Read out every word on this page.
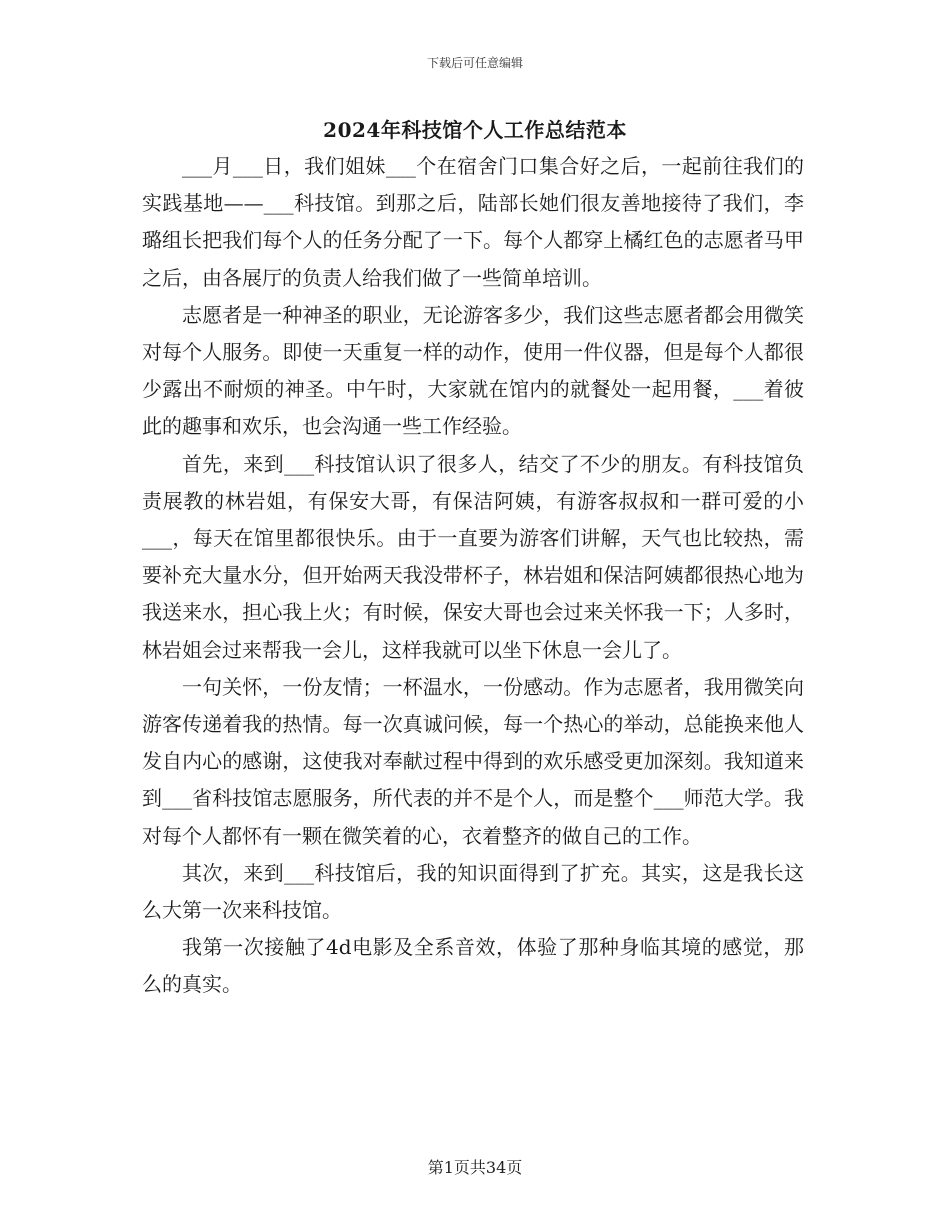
下载后可任意编辑
2024年科技馆个人工作总结范本

___月___日，我们姐妹___个在宿舍门口集合好之后，一起前往我们的实践基地——___科技馆。到那之后，陆部长她们很友善地接待了我们，李璐组长把我们每个人的任务分配了一下。每个人都穿上橘红色的志愿者马甲之后，由各展厅的负责人给我们做了一些简单培训。

志愿者是一种神圣的职业，无论游客多少，我们这些志愿者都会用微笑对每个人服务。即使一天重复一样的动作，使用一件仪器，但是每个人都很少露出不耐烦的神圣。中午时，大家就在馆内的就餐处一起用餐，___着彼此的趣事和欢乐，也会沟通一些工作经验。

首先，来到___科技馆认识了很多人，结交了不少的朋友。有科技馆负责展教的林岩姐，有保安大哥，有保洁阿姨，有游客叔叔和一群可爱的小___，每天在馆里都很快乐。由于一直要为游客们讲解，天气也比较热，需要补充大量水分，但开始两天我没带杯子，林岩姐和保洁阿姨都很热心地为我送来水，担心我上火；有时候，保安大哥也会过来关怀我一下；人多时，林岩姐会过来帮我一会儿，这样我就可以坐下休息一会儿了。

一句关怀，一份友情；一杯温水，一份感动。作为志愿者，我用微笑向游客传递着我的热情。每一次真诚问候，每一个热心的举动，总能换来他人发自内心的感谢，这使我对奉献过程中得到的欢乐感受更加深刻。我知道来到___省科技馆志愿服务，所代表的并不是个人，而是整个___师范大学。我对每个人都怀有一颗在微笑着的心，衣着整齐的做自己的工作。

其次，来到___科技馆后，我的知识面得到了扩充。其实，这是我长这么大第一次来科技馆。

我第一次接触了4d电影及全系音效，体验了那种身临其境的感觉，那么的真实。

第1页共34页
